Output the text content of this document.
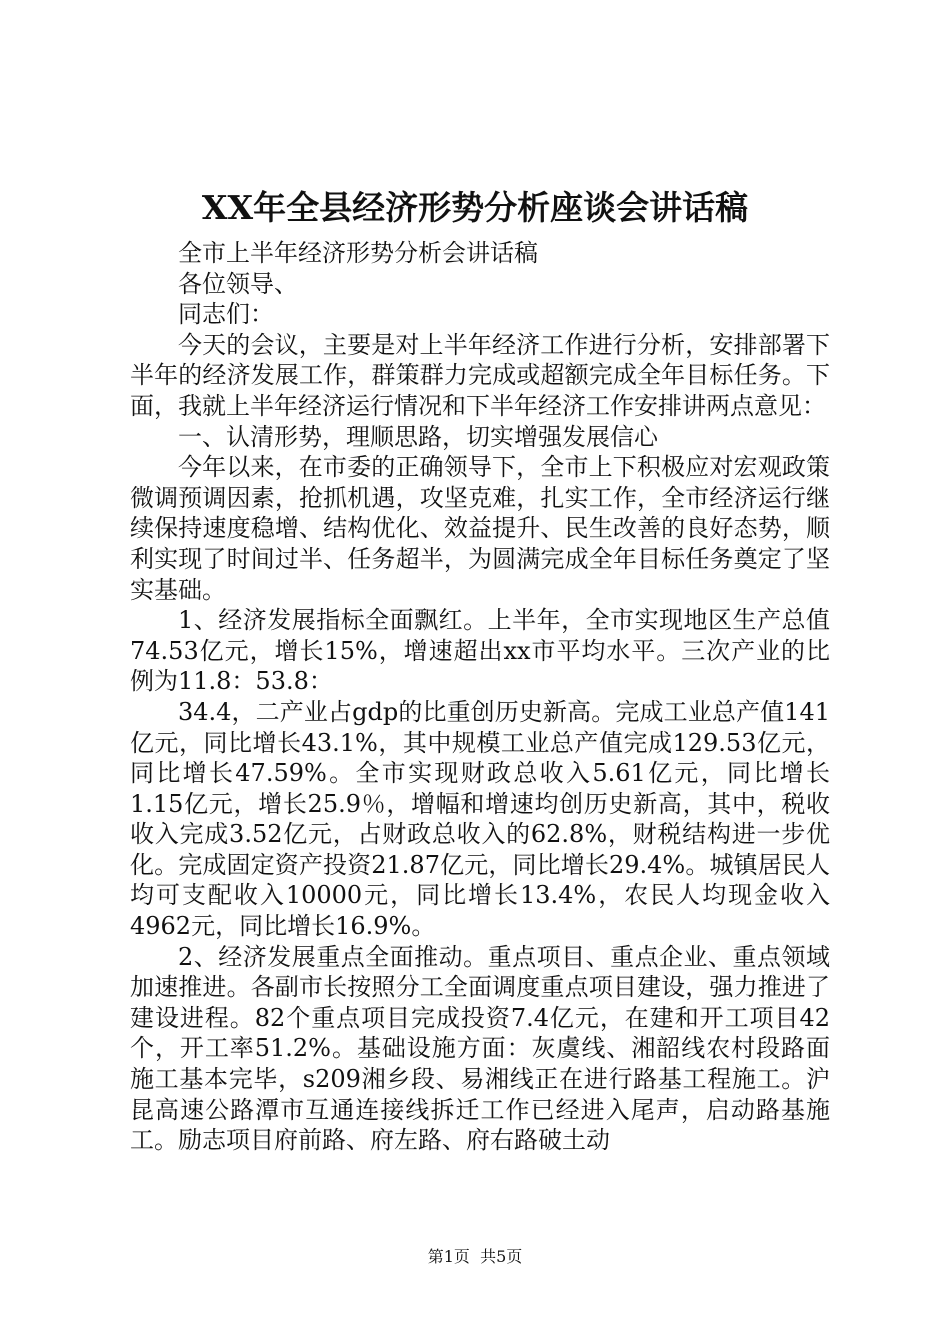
XX年全县经济形势分析座谈会讲话稿

全市上半年经济形势分析会讲话稿

各位领导、

同志们：

今天的会议，主要是对上半年经济工作进行分析，安排部署下半年的经济发展工作，群策群力完成或超额完成全年目标任务。下面，我就上半年经济运行情况和下半年经济工作安排讲两点意见：

一、认清形势，理顺思路，切实增强发展信心

今年以来，在市委的正确领导下，全市上下积极应对宏观政策微调预调因素，抢抓机遇，攻坚克难，扎实工作，全市经济运行继续保持速度稳增、结构优化、效益提升、民生改善的良好态势，顺利实现了时间过半、任务超半，为圆满完成全年目标任务奠定了坚实基础。

1、经济发展指标全面飘红。上半年，全市实现地区生产总值74.53亿元，增长15%，增速超出xx市平均水平。三次产业的比例为11.8：53.8：

34.4，二产业占gdp的比重创历史新高。完成工业总产值141亿元，同比增长43.1%，其中规模工业总产值完成129.53亿元，同比增长47.59%。全市实现财政总收入5.61亿元，同比增长1.15亿元，增长25.9％，增幅和增速均创历史新高，其中，税收收入完成3.52亿元，占财政总收入的62.8%，财税结构进一步优化。完成固定资产投资21.87亿元，同比增长29.4%。城镇居民人均可支配收入10000元，同比增长13.4%，农民人均现金收入4962元，同比增长16.9%。

2、经济发展重点全面推动。重点项目、重点企业、重点领域加速推进。各副市长按照分工全面调度重点项目建设，强力推进了建设进程。82个重点项目完成投资7.4亿元，在建和开工项目42个，开工率51.2%。基础设施方面：灰虞线、湘韶线农村段路面施工基本完毕，s209湘乡段、易湘线正在进行路基工程施工。沪昆高速公路潭市互通连接线拆迁工作已经进入尾声，启动路基施工。励志项目府前路、府左路、府右路破土动

第1页  共5页
